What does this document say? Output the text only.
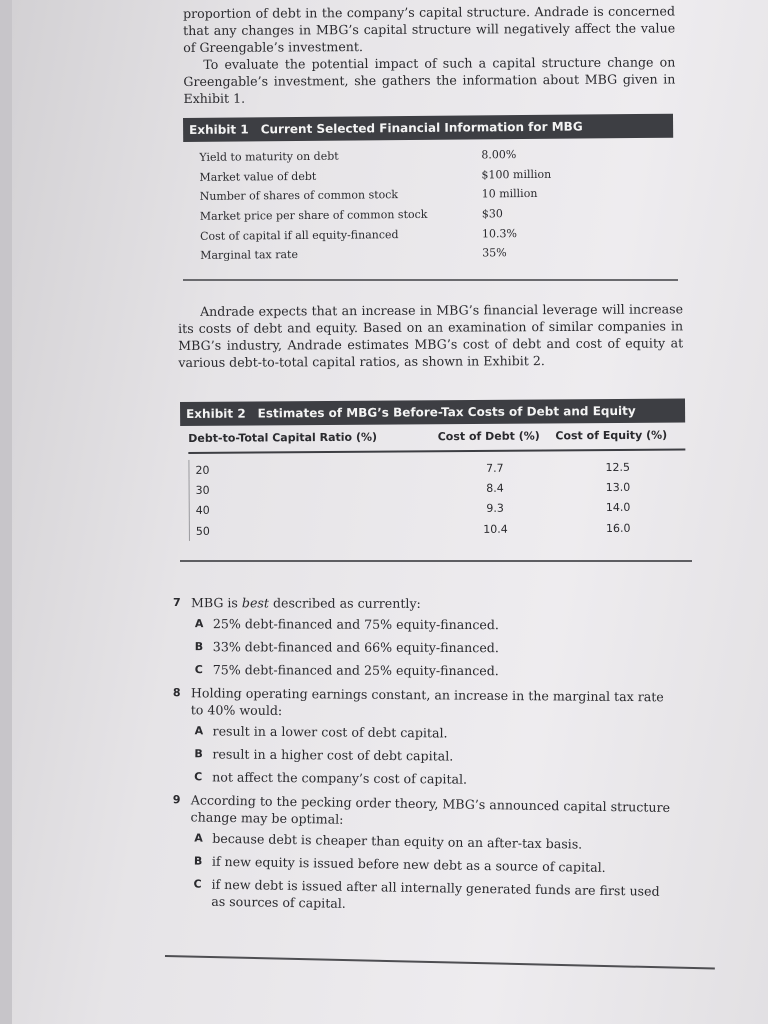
proportion of debt in the company’s capital structure. Andrade is concerned that any changes in MBG’s capital structure will negatively affect the value of Greengable’s investment.

To evaluate the potential impact of such a capital structure change on Greengable’s investment, she gathers the information about MBG given in Exhibit 1.

Exhibit 1 Current Selected Financial Information for MBG
Yield to maturity on debt	8.00%
Market value of debt	$100 million
Number of shares of common stock	10 million
Market price per share of common stock	$30
Cost of capital if all equity-financed	10.3%
Marginal tax rate	35%

Andrade expects that an increase in MBG’s financial leverage will increase its costs of debt and equity. Based on an examination of similar companies in MBG’s industry, Andrade estimates MBG’s cost of debt and cost of equity at various debt-to-total capital ratios, as shown in Exhibit 2.

Exhibit 2 Estimates of MBG’s Before-Tax Costs of Debt and Equity
Debt-to-Total Capital Ratio (%)	Cost of Debt (%)	Cost of Equity (%)
20	7.7	12.5
30	8.4	13.0
40	9.3	14.0
50	10.4	16.0
7 MBG is best described as currently:
A 25% debt-financed and 75% equity-financed.
B 33% debt-financed and 66% equity-financed.
C 75% debt-financed and 25% equity-financed.
8 Holding operating earnings constant, an increase in the marginal tax rate to 40% would:
A result in a lower cost of debt capital.
B result in a higher cost of debt capital.
C not affect the company’s cost of capital.
9 According to the pecking order theory, MBG’s announced capital structure change may be optimal:
A because debt is cheaper than equity on an after-tax basis.
B if new equity is issued before new debt as a source of capital.
C if new debt is issued after all internally generated funds are first used as sources of capital.
